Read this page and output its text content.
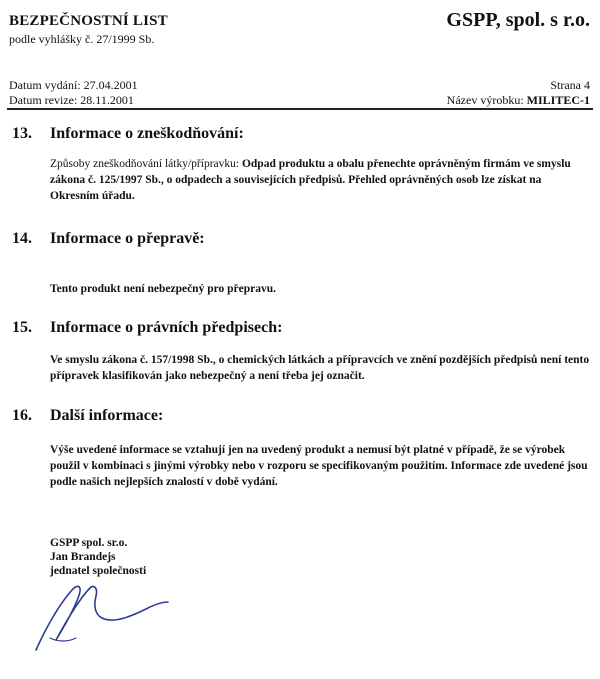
BEZPEČNOSTNÍ LIST
podle vyhlášky č. 27/1999 Sb.
GSPP, spol. s r.o.
Datum vydání: 27.04.2001
Datum revize: 28.11.2001
Strana 4
Název výrobku: MILITEC-1
13. Informace o zneškodňování:
Způsoby zneškodňování látky/přípravku: Odpad produktu a obalu přenechte oprávněným firmám ve smyslu zákona č. 125/1997 Sb., o odpadech a souvisejících předpisů. Přehled oprávněných osob lze získat na Okresním úřadu.
14. Informace o přepravě:
Tento produkt není nebezpečný pro přepravu.
15. Informace o právních předpisech:
Ve smyslu zákona č. 157/1998 Sb., o chemických látkách a přípravcích ve znění pozdějších předpisů není tento přípravek klasifikován jako nebezpečný a není třeba jej označit.
16. Další informace:
Výše uvedené informace se vztahují jen na uvedený produkt a nemusí být platné v případě, že se výrobek použil v kombinaci s jinými výrobky nebo v rozporu se specifikovaným použitím. Informace zde uvedené jsou podle našich nejlepších znalostí v době vydání.
GSPP spol. sr.o.
Jan Brandejs
jednatel společnosti
